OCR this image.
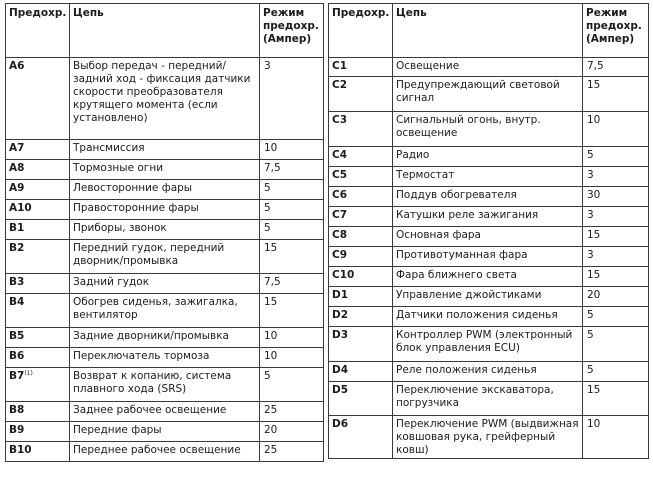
Предохр.	Цепь	Режим предохр. (Ампер)
A6	Выбор передач - передний/ задний ход - фиксация датчики скорости преобразователя крутящего момента (если установлено)	3
A7	Трансмиссия	10
A8	Тормозные огни	7,5
A9	Левосторонние фары	5
A10	Правосторонние фары	5
B1	Приборы, звонок	5
B2	Передний гудок, передний дворник/промывка	15
B3	Задний гудок	7,5
B4	Обогрев сиденья, зажигалка, вентилятор	15
B5	Задние дворники/промывка	10
B6	Переключатель тормоза	10
B7$^{(1)}$	Возврат к копанию, система плавного хода (SRS)	5
B8	Заднее рабочее освещение	25
B9	Передние фары	20
B10	Переднее рабочее освещение	25
Предохр.	Цепь	Режим предохр. (Ампер)
C1	Освещение	7,5
C2	Предупреждающий световой сигнал	15
C3	Сигнальный огонь, внутр. освещение	10
C4	Радио	5
C5	Термостат	3
C6	Поддув обогревателя	30
C7	Катушки реле зажигания	3
C8	Основная фара	15
C9	Противотуманная фара	3
C10	Фара ближнего света	15
D1	Управление джойстиками	20
D2	Датчики положения сиденья	5
D3	Контроллер PWM (электронный блок управления ECU)	5
D4	Реле положения сиденья	5
D5	Переключение экскаватора, погрузчика	15
D6	Переключение PWM (выдвижная ковшовая рука, грейферный ковш)	10
